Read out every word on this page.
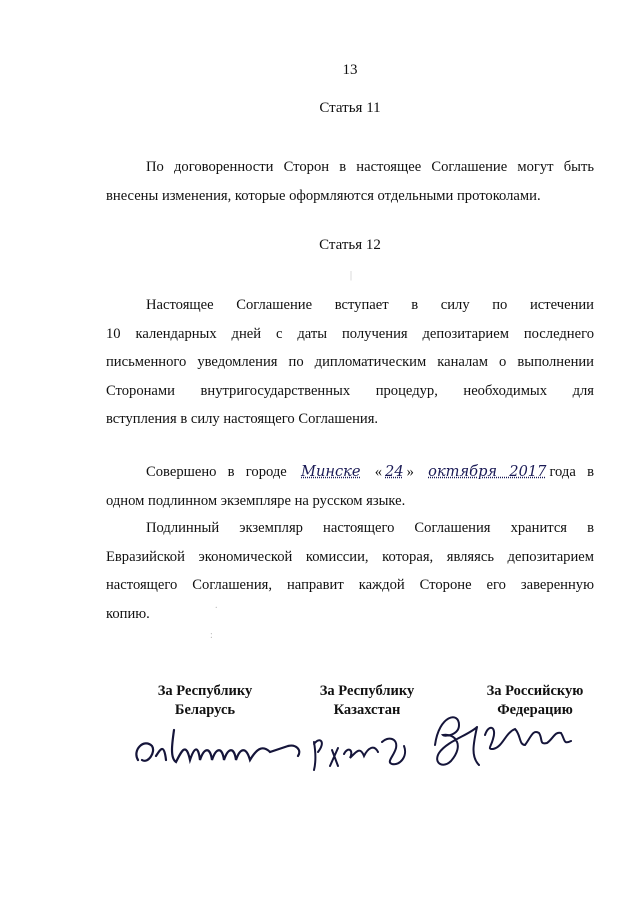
13
Статья 11
По договоренности Сторон в настоящее Соглашение могут быть
внесены изменения, которые оформляются отдельными протоколами.
Статья 12
Настоящее Соглашение вступает в силу по истечении
10 календарных дней с даты получения депозитарием последнего
письменного уведомления по дипломатическим каналам о выполнении
Сторонами внутригосударственных процедур, необходимых для
вступления в силу настоящего Соглашения.
Совершено в городе Минске « 24 » октября 2017 года в
одном подлинном экземпляре на русском языке.
Подлинный экземпляр настоящего Соглашения хранится в
Евразийской экономической комиссии, которая, являясь депозитарием
настоящего Соглашения, направит каждой Стороне его заверенную
копию.
За Республику
Беларусь
За Республику
Казахстан
За Российскую
Федерацию
|
:
.
